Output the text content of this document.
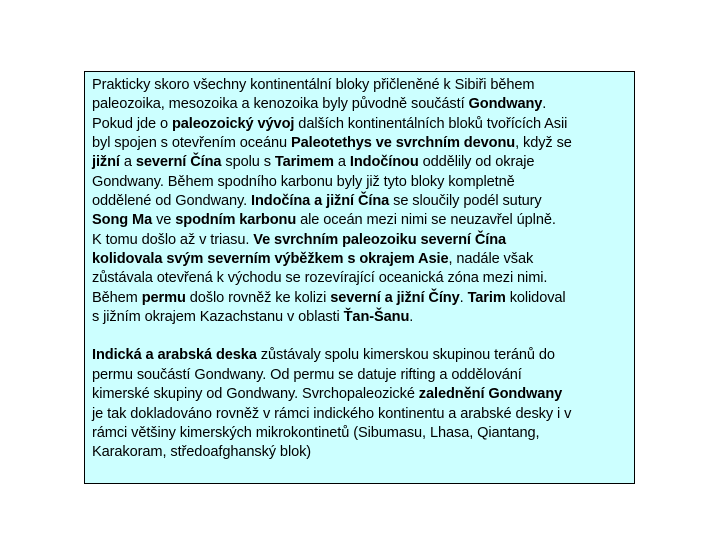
Prakticky skoro všechny kontinentální bloky přičleněné k Sibiři během
paleozoika, mesozoika a kenozoika byly původně součástí Gondwany.
Pokud jde o paleozoický vývoj dalších kontinentálních bloků tvořících Asii
byl spojen s otevřením oceánu Paleotethys ve svrchním devonu, když se
jižní a severní Čína spolu s Tarimem a Indočínou oddělily od okraje
Gondwany. Během spodního karbonu byly již tyto bloky kompletně
oddělené od Gondwany. Indočína a jižní Čína se sloučily podél sutury
Song Ma ve spodním karbonu ale oceán mezi nimi se neuzavřel úplně.
K tomu došlo až v triasu. Ve svrchním paleozoiku severní Čína
kolidovala svým severním výběžkem s okrajem Asie, nadále však
zůstávala otevřená k východu se rozevírající oceanická zóna mezi nimi.
Během permu došlo rovněž ke kolizi severní a jižní Číny. Tarim kolidoval
s jižním okrajem Kazachstanu v oblasti Ťan-Šanu.

Indická a arabská deska zůstávaly spolu kimerskou skupinou teránů do
permu součástí Gondwany. Od permu se datuje rifting a oddělování
kimerské skupiny od Gondwany. Svrchopaleozické zalednění Gondwany
je tak dokladováno rovněž v rámci indického kontinentu a arabské desky i v
rámci většiny kimerských mikrokontinetů (Sibumasu, Lhasa, Qiantang,
Karakoram, středoafghanský blok)
